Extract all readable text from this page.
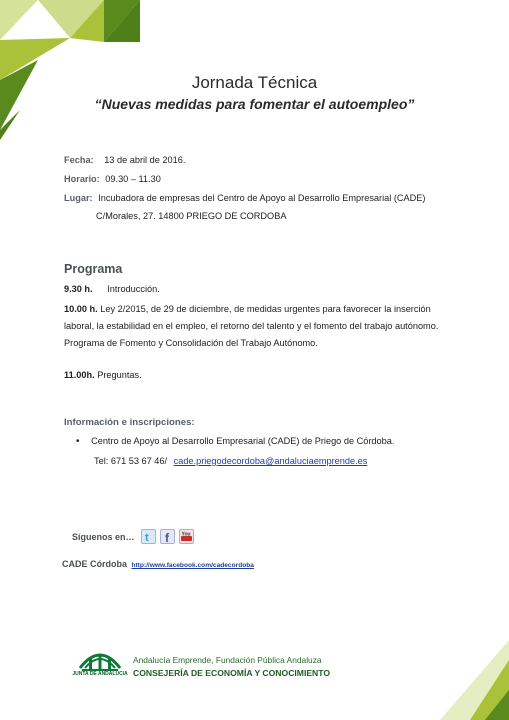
Jornada Técnica
“Nuevas medidas para fomentar el autoempleo”
Fecha: 13 de abril de 2016.
Horario: 09.30 – 11.30
Lugar: Incubadora de empresas del Centro de Apoyo al Desarrollo Empresarial (CADE)
C/Morales, 27. 14800 PRIEGO DE CORDOBA
Programa
9.30 h. Introducción.
10.00 h. Ley 2/2015, de 29 de diciembre, de medidas urgentes para favorecer la inserción
laboral, la estabilidad en el empleo, el retorno del talento y el fomento del trabajo autónomo.
Programa de Fomento y Consolidación del Trabajo Autónomo.
11.00h. Preguntas.
Información e inscripciones:
• Centro de Apoyo al Desarrollo Empresarial (CADE) de Priego de Córdoba.
Tel: 671 53 67 46/ cade.priegodecordoba@andaluciaemprende.es
Síguenos en… t f	You
CADE Córdoba http://www.facebook.com/cadecordoba
JUNTA DE ANDALUCIA
Andalucía Emprende, Fundación Pública Andaluza
CONSEJERÍA DE ECONOMÍA Y CONOCIMIENTO
